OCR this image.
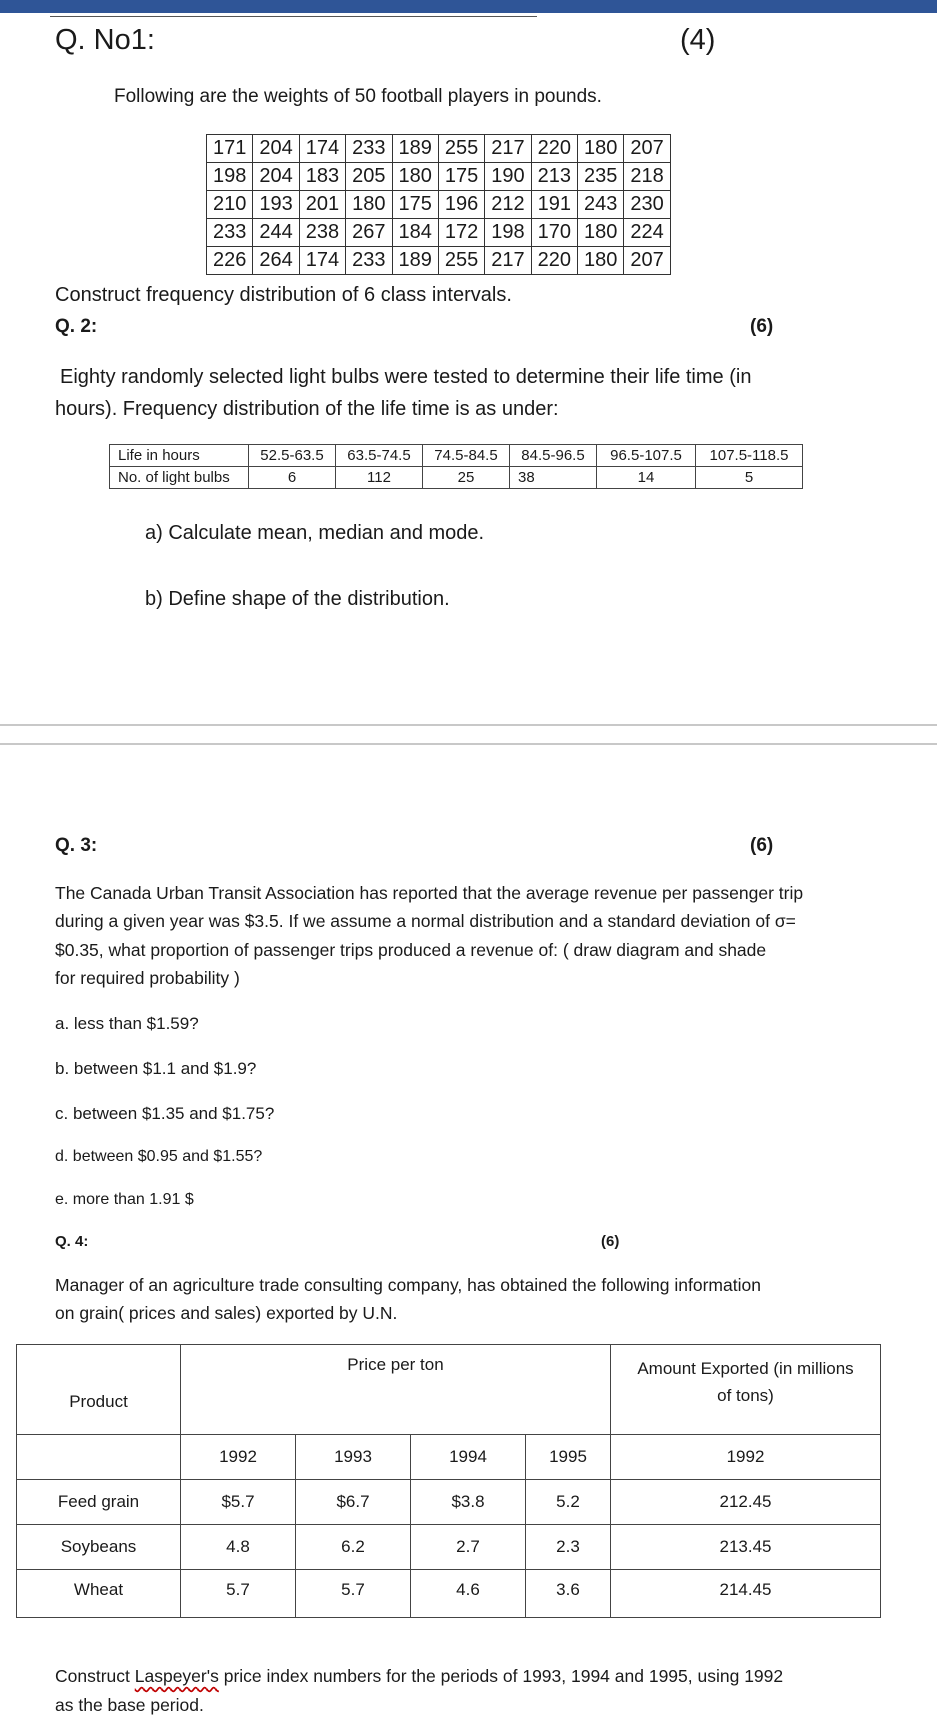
Q. No1:	(4)
Following are the weights of 50 football players in pounds.
171	204	174	233	189	255	217	220	180	207
198	204	183	205	180	175	190	213	235	218
210	193	201	180	175	196	212	191	243	230
233	244	238	267	184	172	198	170	180	224
226	264	174	233	189	255	217	220	180	207
Construct frequency distribution of 6 class intervals.
Q. 2:	(6)
Eighty randomly selected light bulbs were tested to determine their life time (in
hours). Frequency distribution of the life time is as under:
Life in hours	52.5-63.5	63.5-74.5	74.5-84.5	84.5-96.5	96.5-107.5	107.5-118.5
No. of light bulbs	6	112	25	38	14	5
a) Calculate mean, median and mode.
b) Define shape of the distribution.
Q. 3:	(6)
The Canada Urban Transit Association has reported that the average revenue per passenger trip
during a given year was $3.5. If we assume a normal distribution and a standard deviation of σ=
$0.35, what proportion of passenger trips produced a revenue of: ( draw diagram and shade
for required probability )
a. less than $1.59?
b. between $1.1 and $1.9?
c. between $1.35 and $1.75?
d. between $0.95 and $1.55?
e. more than 1.91 $
Q. 4:	(6)
Manager of an agriculture trade consulting company, has obtained the following information
on grain( prices and sales) exported by U.N.
Product	Price per ton				Amount Exported (in millions
of tons)

	1992	1993	1994	1995	1992
Feed grain	$5.7	$6.7	$3.8	5.2	212.45
Soybeans	4.8	6.2	2.7	2.3	213.45
Wheat	5.7	5.7	4.6	3.6	214.45
Construct Laspeyer's price index numbers for the periods of 1993, 1994 and 1995, using 1992
as the base period.
